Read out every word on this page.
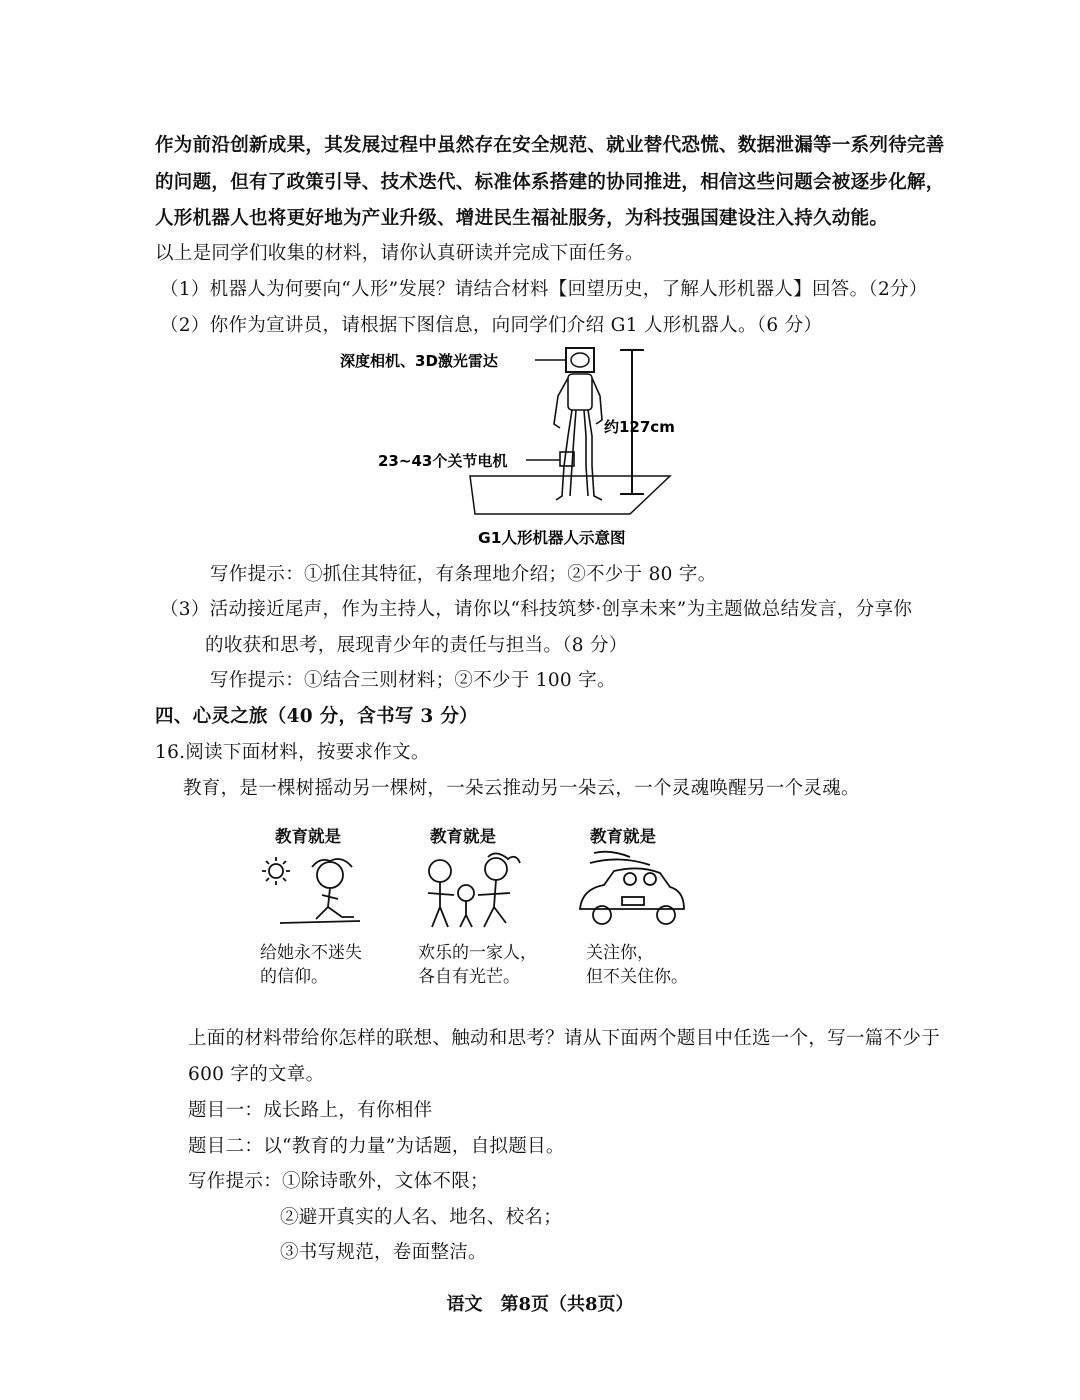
作为前沿创新成果，其发展过程中虽然存在安全规范、就业替代恐慌、数据泄漏等一系列待完善
的问题，但有了政策引导、技术迭代、标准体系搭建的协同推进，相信这些问题会被逐步化解，
人形机器人也将更好地为产业升级、增进民生福祉服务，为科技强国建设注入持久动能。
以上是同学们收集的材料，请你认真研读并完成下面任务。
（1）机器人为何要向“人形”发展？请结合材料【回望历史，了解人形机器人】回答。（2分）
（2）你作为宣讲员，请根据下图信息，向同学们介绍 G1 人形机器人。（6 分）
深度相机、3D激光雷达
23~43个关节电机
约127cm
G1人形机器人示意图
写作提示：①抓住其特征，有条理地介绍；②不少于 80 字。
（3）活动接近尾声，作为主持人，请你以“科技筑梦·创享未来”为主题做总结发言，分享你
的收获和思考，展现青少年的责任与担当。（8 分）
写作提示：①结合三则材料；②不少于 100 字。
四、心灵之旅（40 分，含书写 3 分）
16.阅读下面材料，按要求作文。
教育，是一棵树摇动另一棵树，一朵云推动另一朵云，一个灵魂唤醒另一个灵魂。
教育就是	教育就是	教育就是
给她永不迷失
的信仰。
欢乐的一家人，
各自有光芒。
关注你，
但不关住你。
上面的材料带给你怎样的联想、触动和思考？请从下面两个题目中任选一个，写一篇不少于
600 字的文章。
题目一：成长路上，有你相伴
题目二：以“教育的力量”为话题，自拟题目。
写作提示：①除诗歌外，文体不限；
②避开真实的人名、地名、校名；
③书写规范，卷面整洁。
语文　第8页（共8页）
